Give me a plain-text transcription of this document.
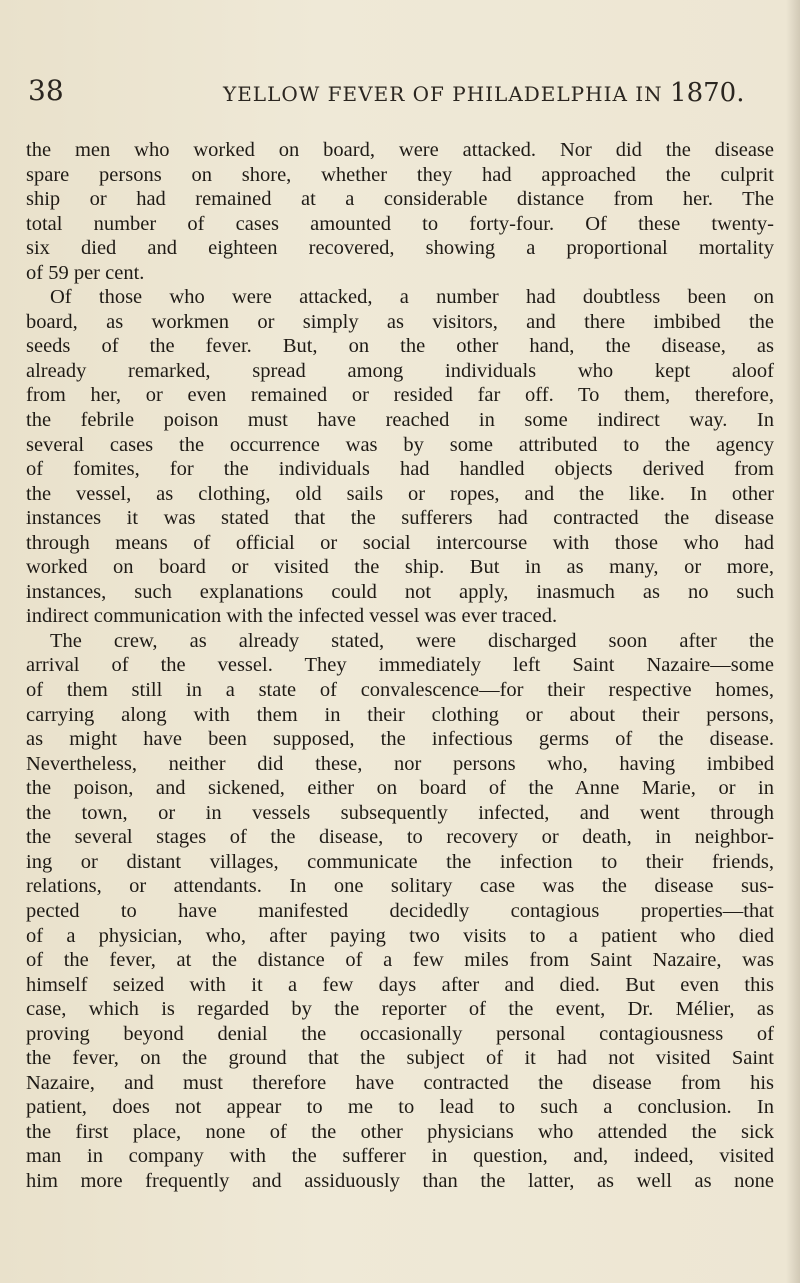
38	YELLOW FEVER OF PHILADELPHIA IN 1870.
the men who worked on board, were attacked. Nor did the disease
spare persons on shore, whether they had approached the culprit
ship or had remained at a considerable distance from her. The
total number of cases amounted to forty-four. Of these twenty-
six died and eighteen recovered, showing a proportional mortality
of 59 per cent.
Of those who were attacked, a number had doubtless been on
board, as workmen or simply as visitors, and there imbibed the
seeds of the fever. But, on the other hand, the disease, as
already remarked, spread among individuals who kept aloof
from her, or even remained or resided far off. To them, therefore,
the febrile poison must have reached in some indirect way. In
several cases the occurrence was by some attributed to the agency
of fomites, for the individuals had handled objects derived from
the vessel, as clothing, old sails or ropes, and the like. In other
instances it was stated that the sufferers had contracted the disease
through means of official or social intercourse with those who had
worked on board or visited the ship. But in as many, or more,
instances, such explanations could not apply, inasmuch as no such
indirect communication with the infected vessel was ever traced.
The crew, as already stated, were discharged soon after the
arrival of the vessel. They immediately left Saint Nazaire—some
of them still in a state of convalescence—for their respective homes,
carrying along with them in their clothing or about their persons,
as might have been supposed, the infectious germs of the disease.
Nevertheless, neither did these, nor persons who, having imbibed
the poison, and sickened, either on board of the Anne Marie, or in
the town, or in vessels subsequently infected, and went through
the several stages of the disease, to recovery or death, in neighbor-
ing or distant villages, communicate the infection to their friends,
relations, or attendants. In one solitary case was the disease sus-
pected to have manifested decidedly contagious properties—that
of a physician, who, after paying two visits to a patient who died
of the fever, at the distance of a few miles from Saint Nazaire, was
himself seized with it a few days after and died. But even this
case, which is regarded by the reporter of the event, Dr. Mélier, as
proving beyond denial the occasionally personal contagiousness of
the fever, on the ground that the subject of it had not visited Saint
Nazaire, and must therefore have contracted the disease from his
patient, does not appear to me to lead to such a conclusion. In
the first place, none of the other physicians who attended the sick
man in company with the sufferer in question, and, indeed, visited
him more frequently and assiduously than the latter, as well as none
